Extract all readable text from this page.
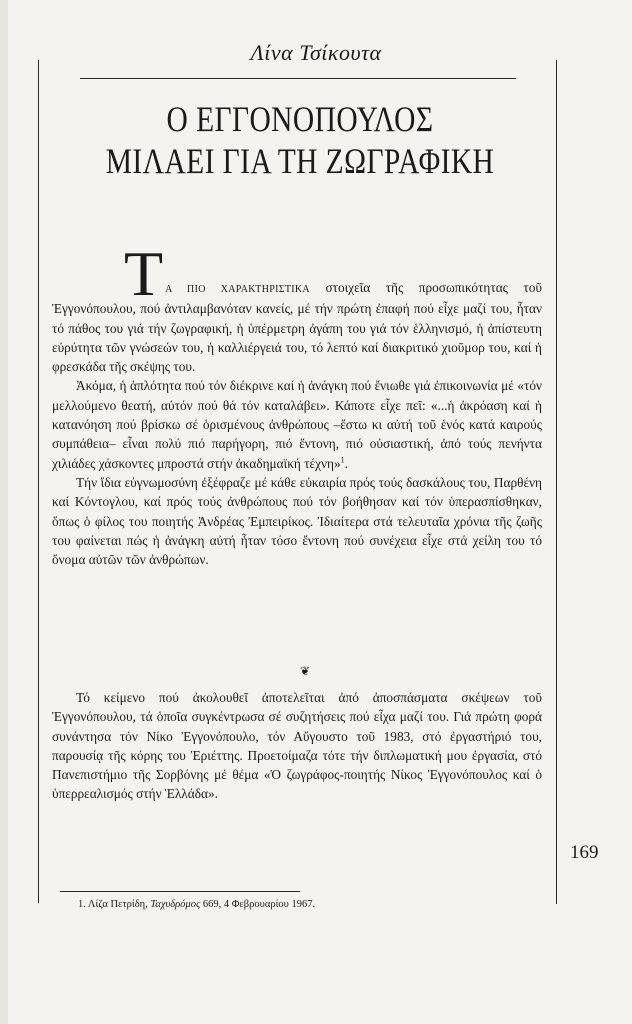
Λίνα Τσίκουτα
Ο ΕΓΓΟΝΟΠΟΥΛΟΣ
ΜΙΛΑΕΙ ΓΙΑ ΤΗ ΖΩΓΡΑΦΙΚΗ

Τ Α ΠΙΟ ΧΑΡΑΚΤΗΡΙΣΤΙΚΑ στοιχεῖα τῆς προσωπικότητας τοῦ Ἐγγονόπουλου, πού ἀντιλαμβανόταν κανείς, μέ τήν πρώτη ἐπαφή πού εἶχε μαζί του, ἦταν τό πάθος του γιά τήν ζωγραφική, ἡ ὑπέρμετρη ἀγάπη του γιά τόν ἑλληνισμό, ἡ ἀπίστευτη εὐρύτητα τῶν γνώσεών του, ἡ καλλιέργειά του, τό λεπτό καί διακριτικό χιοῦμορ του, καί ἡ φρεσκάδα τῆς σκέψης του.

Ἀκόμα, ἡ ἁπλότητα πού τόν διέκρινε καί ἡ ἀνάγκη πού ἔνιωθε γιά ἐπικοινωνία μέ «τόν μελλούμενο θεατή, αὐτόν πού θά τόν καταλάβει». Κάποτε εἶχε πεῖ: «...ἡ ἀκρόαση καί ἡ κατανόηση πού βρίσκω σέ ὁρισμένους ἀνθρώπους –ἔστω κι αὐτή τοῦ ἑνός κατά καιρούς συμπάθεια– εἶναι πολύ πιό παρήγορη, πιό ἔντονη, πιό οὐσιαστική, ἀπό τούς πενήντα χιλιάδες χάσκοντες μπροστά στήν ἀκαδημαϊκή τέχνη»$^1$.

Τήν ἴδια εὐγνωμοσύνη ἐξέφραζε μέ κάθε εὐκαιρία πρός τούς δασκάλους του, Παρθένη καί Κόντογλου, καί πρός τούς ἀνθρώπους πού τόν βοήθησαν καί τόν ὑπερασπίσθηκαν, ὅπως ὁ φίλος του ποιητής Ἀνδρέας Ἐμπειρίκος. Ἰδιαίτερα στά τελευταῖα χρόνια τῆς ζωῆς του φαίνεται πώς ἡ ἀνάγκη αὐτή ἦταν τόσο ἔντονη πού συνέχεια εἶχε στά χείλη του τό ὄνομα αὐτῶν τῶν ἀνθρώπων.

❦

Τό κείμενο πού ἀκολουθεῖ ἀποτελεῖται ἀπό ἀποσπάσματα σκέψεων τοῦ Ἐγγονόπουλου, τά ὁποῖα συγκέντρωσα σέ συζητήσεις πού εἶχα μαζί του. Γιά πρώτη φορά συνάντησα τόν Νίκο Ἐγγονόπουλο, τόν Αὔγουστο τοῦ 1983, στό ἐργαστήριό του, παρουσίᾳ τῆς κόρης του Ἐριέττης. Προετοίμαζα τότε τήν διπλωματική μου ἐργασία, στό Πανεπιστήμιο τῆς Σορβόνης μέ θέμα «Ὁ ζωγράφος-ποιητής Νίκος Ἐγγονόπουλος καί ὁ ὑπερρεαλισμός στήν Ἑλλάδα».

169
1. Λίζα Πετρίδη, Ταχυδρόμος 669, 4 Φεβρουαρίου 1967.
